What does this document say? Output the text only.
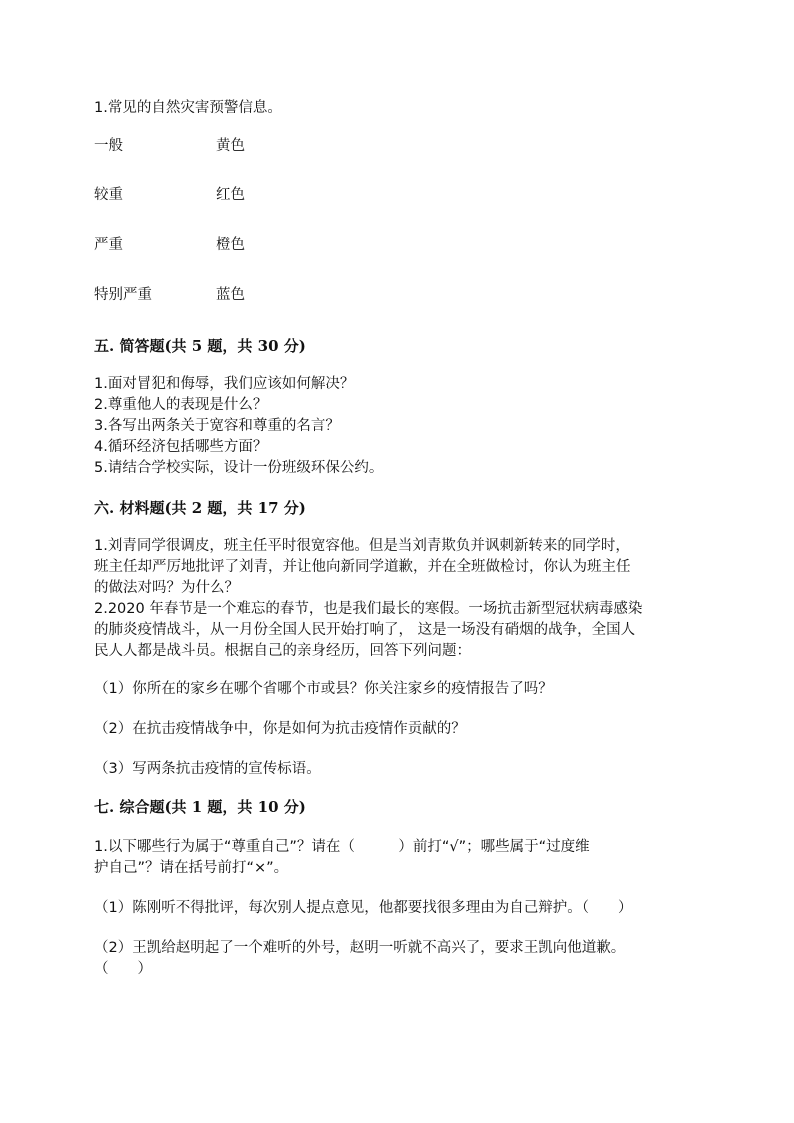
1.常见的自然灾害预警信息。
一般	黄色
较重	红色
严重	橙色
特别严重	蓝色
五. 简答题(共 5 题，共 30 分)
1.面对冒犯和侮辱，我们应该如何解决？
2.尊重他人的表现是什么？
3.各写出两条关于宽容和尊重的名言？
4.循环经济包括哪些方面？
5.请结合学校实际，设计一份班级环保公约。
六. 材料题(共 2 题，共 17 分)
1.刘青同学很调皮，班主任平时很宽容他。但是当刘青欺负并讽刺新转来的同学时，
班主任却严厉地批评了刘青，并让他向新同学道歉，并在全班做检讨，你认为班主任
的做法对吗？为什么？
2.2020 年春节是一个难忘的春节，也是我们最长的寒假。一场抗击新型冠状病毒感染
的肺炎疫情战斗，从一月份全国人民开始打响了， 这是一场没有硝烟的战争，全国人
民人人都是战斗员。根据自己的亲身经历，回答下列问题：
（1）你所在的家乡在哪个省哪个市或县？你关注家乡的疫情报告了吗？
（2）在抗击疫情战争中，你是如何为抗击疫情作贡献的？
（3）写两条抗击疫情的宣传标语。
七. 综合题(共 1 题，共 10 分)
1.以下哪些行为属于“尊重自己”？请在（　　　）前打“√”；哪些属于“过度维
护自己”？请在括号前打“×”。
（1）陈刚听不得批评，每次别人提点意见，他都要找很多理由为自己辩护。（　　）
（2）王凯给赵明起了一个难听的外号，赵明一听就不高兴了，要求王凯向他道歉。
（　　）
